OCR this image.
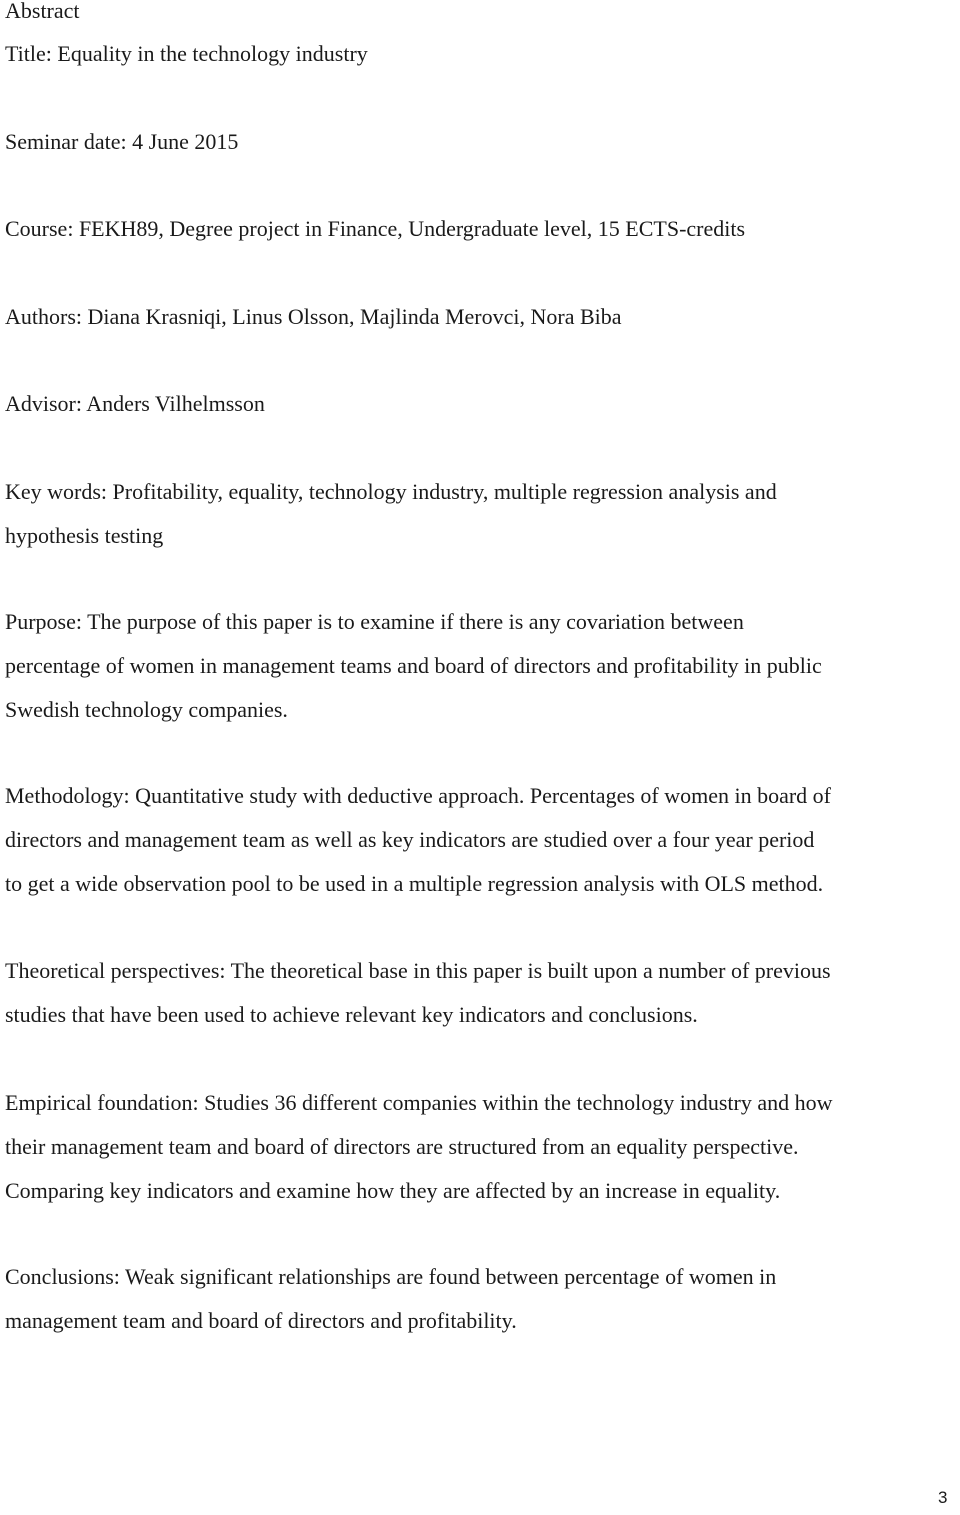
Abstract

Title: Equality in the technology industry

Seminar date: 4 June 2015

Course: FEKH89, Degree project in Finance, Undergraduate level, 15 ECTS-credits

Authors: Diana Krasniqi, Linus Olsson, Majlinda Merovci, Nora Biba

Advisor: Anders Vilhelmsson

Key words: Profitability, equality, technology industry, multiple regression analysis and
hypothesis testing
Purpose: The purpose of this paper is to examine if there is any covariation between
percentage of women in management teams and board of directors and profitability in public
Swedish technology companies.
Methodology: Quantitative study with deductive approach. Percentages of women in board of
directors and management team as well as key indicators are studied over a four year period
to get a wide observation pool to be used in a multiple regression analysis with OLS method.
Theoretical perspectives: The theoretical base in this paper is built upon a number of previous
studies that have been used to achieve relevant key indicators and conclusions.
Empirical foundation: Studies 36 different companies within the technology industry and how
their management team and board of directors are structured from an equality perspective.
Comparing key indicators and examine how they are affected by an increase in equality.
Conclusions: Weak significant relationships are found between percentage of women in
management team and board of directors and profitability.
3
